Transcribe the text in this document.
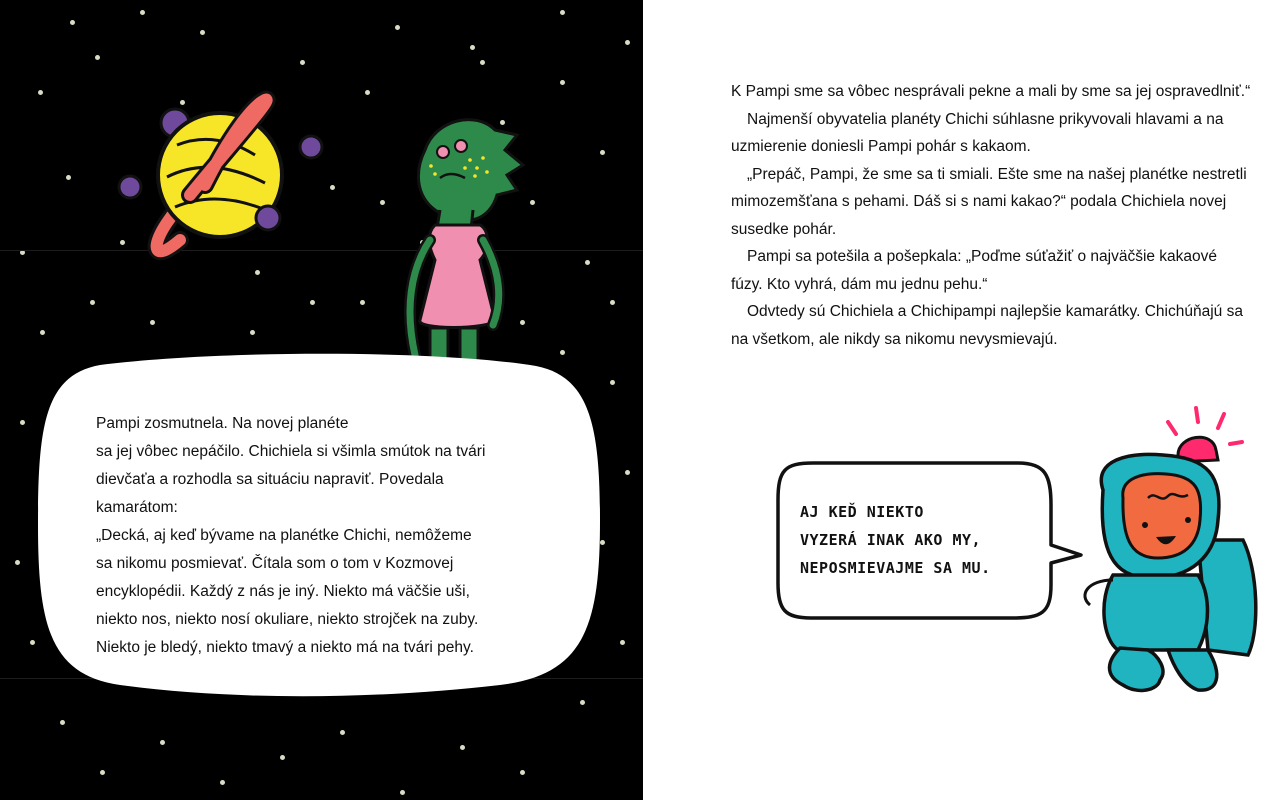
Pampi zosmutnela. Na novej planéte

sa jej vôbec nepáčilo. Chichiela si všimla smútok na tvári

dievčaťa a rozhodla sa situáciu napraviť. Povedala

kamarátom:

„Decká, aj keď bývame na planétke Chichi, nemôžeme

sa nikomu posmievať. Čítala som o tom v Kozmovej

encyklopédii. Každý z nás je iný. Niekto má väčšie uši,

niekto nos, niekto nosí okuliare, niekto strojček na zuby.

Niekto je bledý, niekto tmavý a niekto má na tvári pehy.

K Pampi sme sa vôbec nesprávali pekne a mali by sme sa jej ospravedlniť.“

Najmenší obyvatelia planéty Chichi súhlasne prikyvovali hlavami a na uzmierenie doniesli Pampi pohár s kakaom.

„Prepáč, Pampi, že sme sa ti smiali. Ešte sme na našej planétke nestretli mimozemšťana s pehami. Dáš si s nami kakao?“ podala Chichiela novej susedke pohár.

Pampi sa potešila a pošepkala: „Poďme súťažiť o najväčšie kakaové fúzy. Kto vyhrá, dám mu jednu pehu.“

Odvtedy sú Chichiela a Chichipampi najlepšie kamarátky. Chichúňajú sa na všetkom, ale nikdy sa nikomu nevysmievajú.

AJ KEĎ NIEKTO
VYZERÁ INAK AKO MY,
NEPOSMIEVAJME SA MU.
